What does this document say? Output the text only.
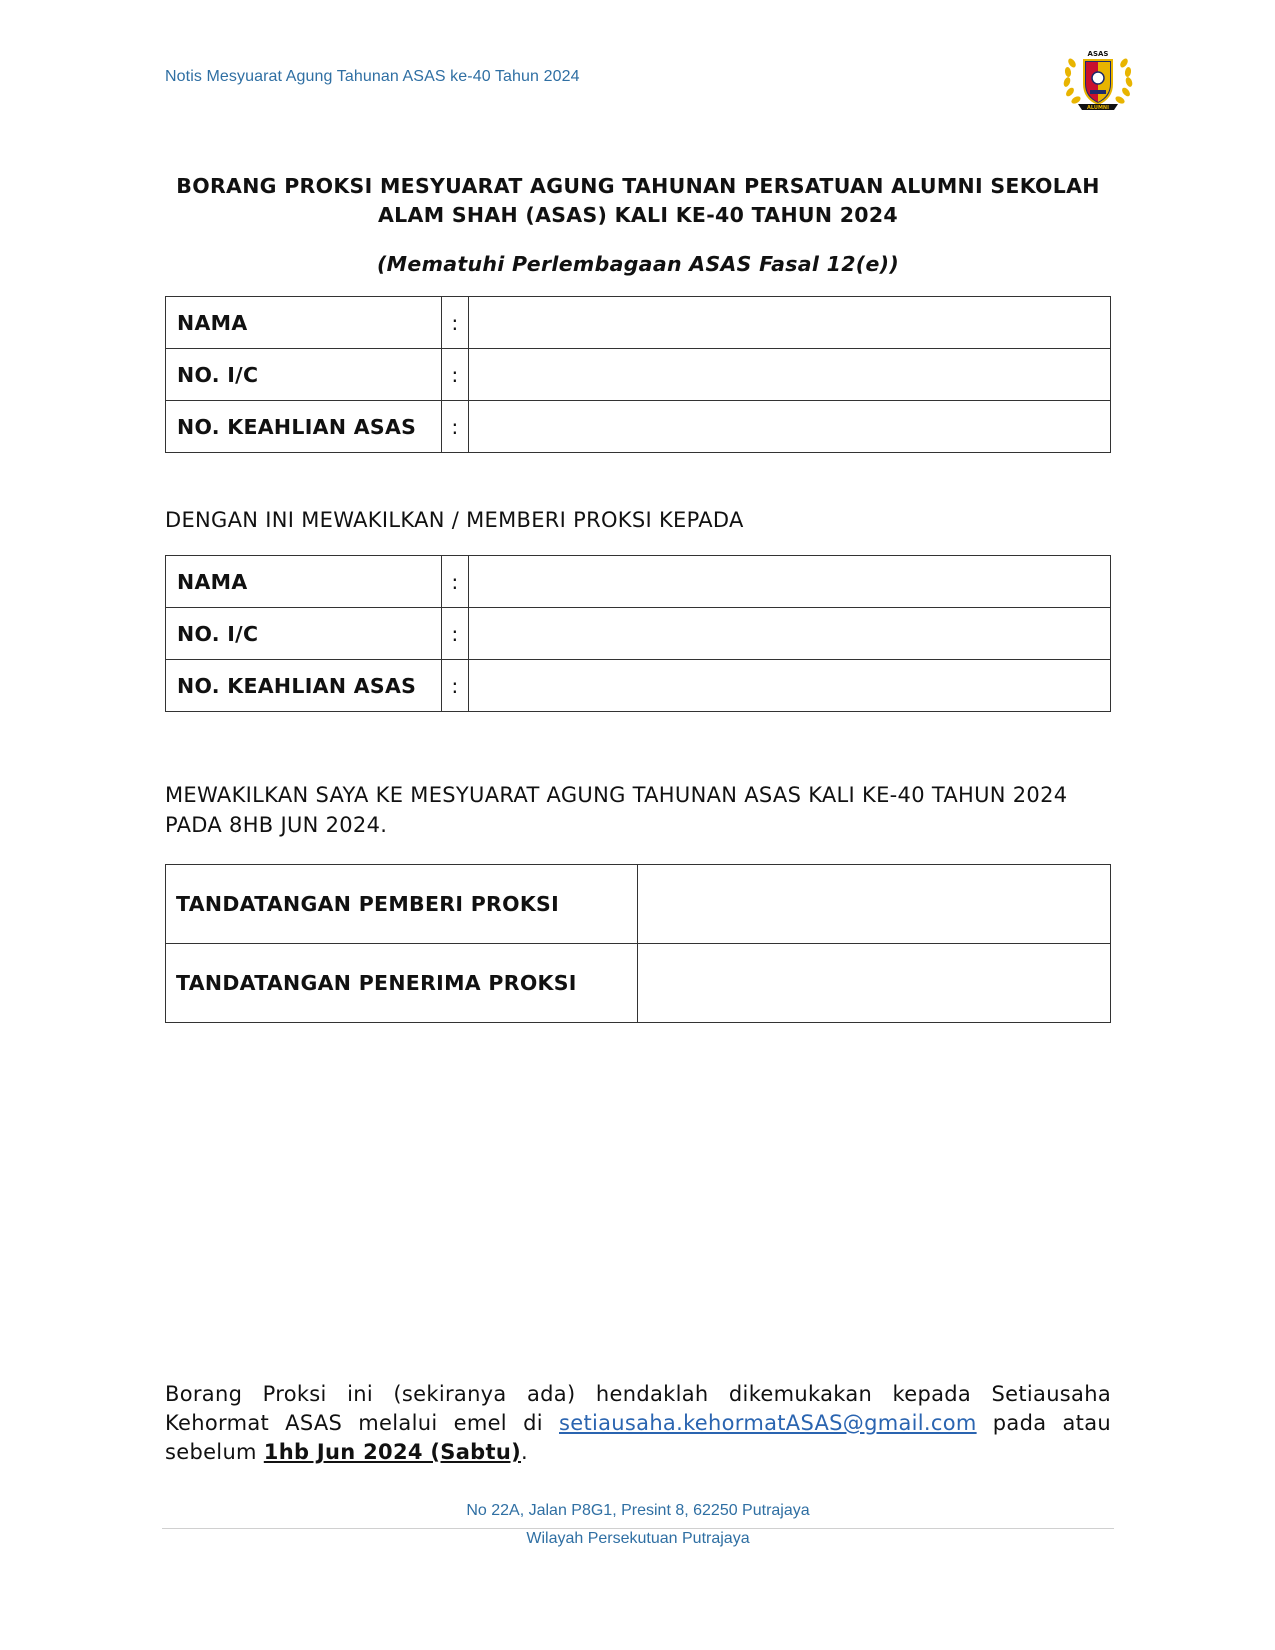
Notis Mesyuarat Agung Tahunan ASAS ke-40 Tahun 2024
ASAS
ALUMNI
BORANG PROKSI MESYUARAT AGUNG TAHUNAN PERSATUAN ALUMNI SEKOLAH
ALAM SHAH (ASAS) KALI KE-40 TAHUN 2024
(Mematuhi Perlembagaan ASAS Fasal 12(e))
NAMA	:	
NO. I/C	:	
NO. KEAHLIAN ASAS	:	
DENGAN INI MEWAKILKAN / MEMBERI PROKSI KEPADA
NAMA	:	
NO. I/C	:	
NO. KEAHLIAN ASAS	:	
MEWAKILKAN SAYA KE MESYUARAT AGUNG TAHUNAN ASAS KALI KE-40 TAHUN 2024
PADA 8HB JUN 2024.
TANDATANGAN PEMBERI PROKSI	
TANDATANGAN PENERIMA PROKSI	
Borang Proksi ini (sekiranya ada) hendaklah dikemukakan kepada Setiausaha Kehormat ASAS melalui emel di setiausaha.kehormatASAS@gmail.com pada atau sebelum 1hb Jun 2024 (Sabtu).
No 22A, Jalan P8G1, Presint 8, 62250 Putrajaya
Wilayah Persekutuan Putrajaya
